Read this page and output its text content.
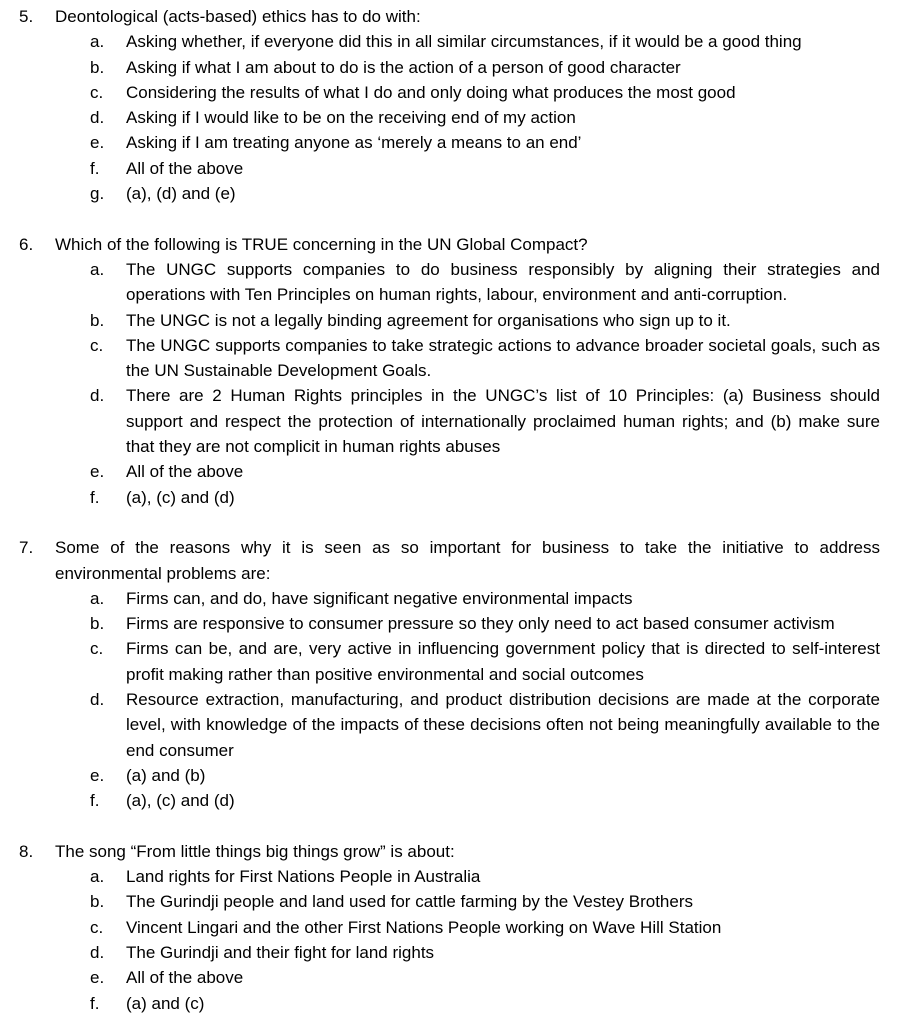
5. Deontological (acts-based) ethics has to do with:
a. Asking whether, if everyone did this in all similar circumstances, if it would be a good thing
b. Asking if what I am about to do is the action of a person of good character
c. Considering the results of what I do and only doing what produces the most good
d. Asking if I would like to be on the receiving end of my action
e. Asking if I am treating anyone as ‘merely a means to an end’
f. All of the above
g. (a), (d) and (e)
6. Which of the following is TRUE concerning in the UN Global Compact?
a. The UNGC supports companies to do business responsibly by aligning their strategies and operations with Ten Principles on human rights, labour, environment and anti-corruption.
b. The UNGC is not a legally binding agreement for organisations who sign up to it.
c. The UNGC supports companies to take strategic actions to advance broader societal goals, such as the UN Sustainable Development Goals.
d. There are 2 Human Rights principles in the UNGC’s list of 10 Principles: (a) Business should support and respect the protection of internationally proclaimed human rights; and (b) make sure that they are not complicit in human rights abuses
e. All of the above
f. (a), (c) and (d)
7. Some of the reasons why it is seen as so important for business to take the initiative to address environmental problems are:
a. Firms can, and do, have significant negative environmental impacts
b. Firms are responsive to consumer pressure so they only need to act based consumer activism
c. Firms can be, and are, very active in influencing government policy that is directed to self-interest profit making rather than positive environmental and social outcomes
d. Resource extraction, manufacturing, and product distribution decisions are made at the corporate level, with knowledge of the impacts of these decisions often not being meaningfully available to the end consumer
e. (a) and (b)
f. (a), (c) and (d)
8. The song “From little things big things grow” is about:
a. Land rights for First Nations People in Australia
b. The Gurindji people and land used for cattle farming by the Vestey Brothers
c. Vincent Lingari and the other First Nations People working on Wave Hill Station
d. The Gurindji and their fight for land rights
e. All of the above
f. (a) and (c)
